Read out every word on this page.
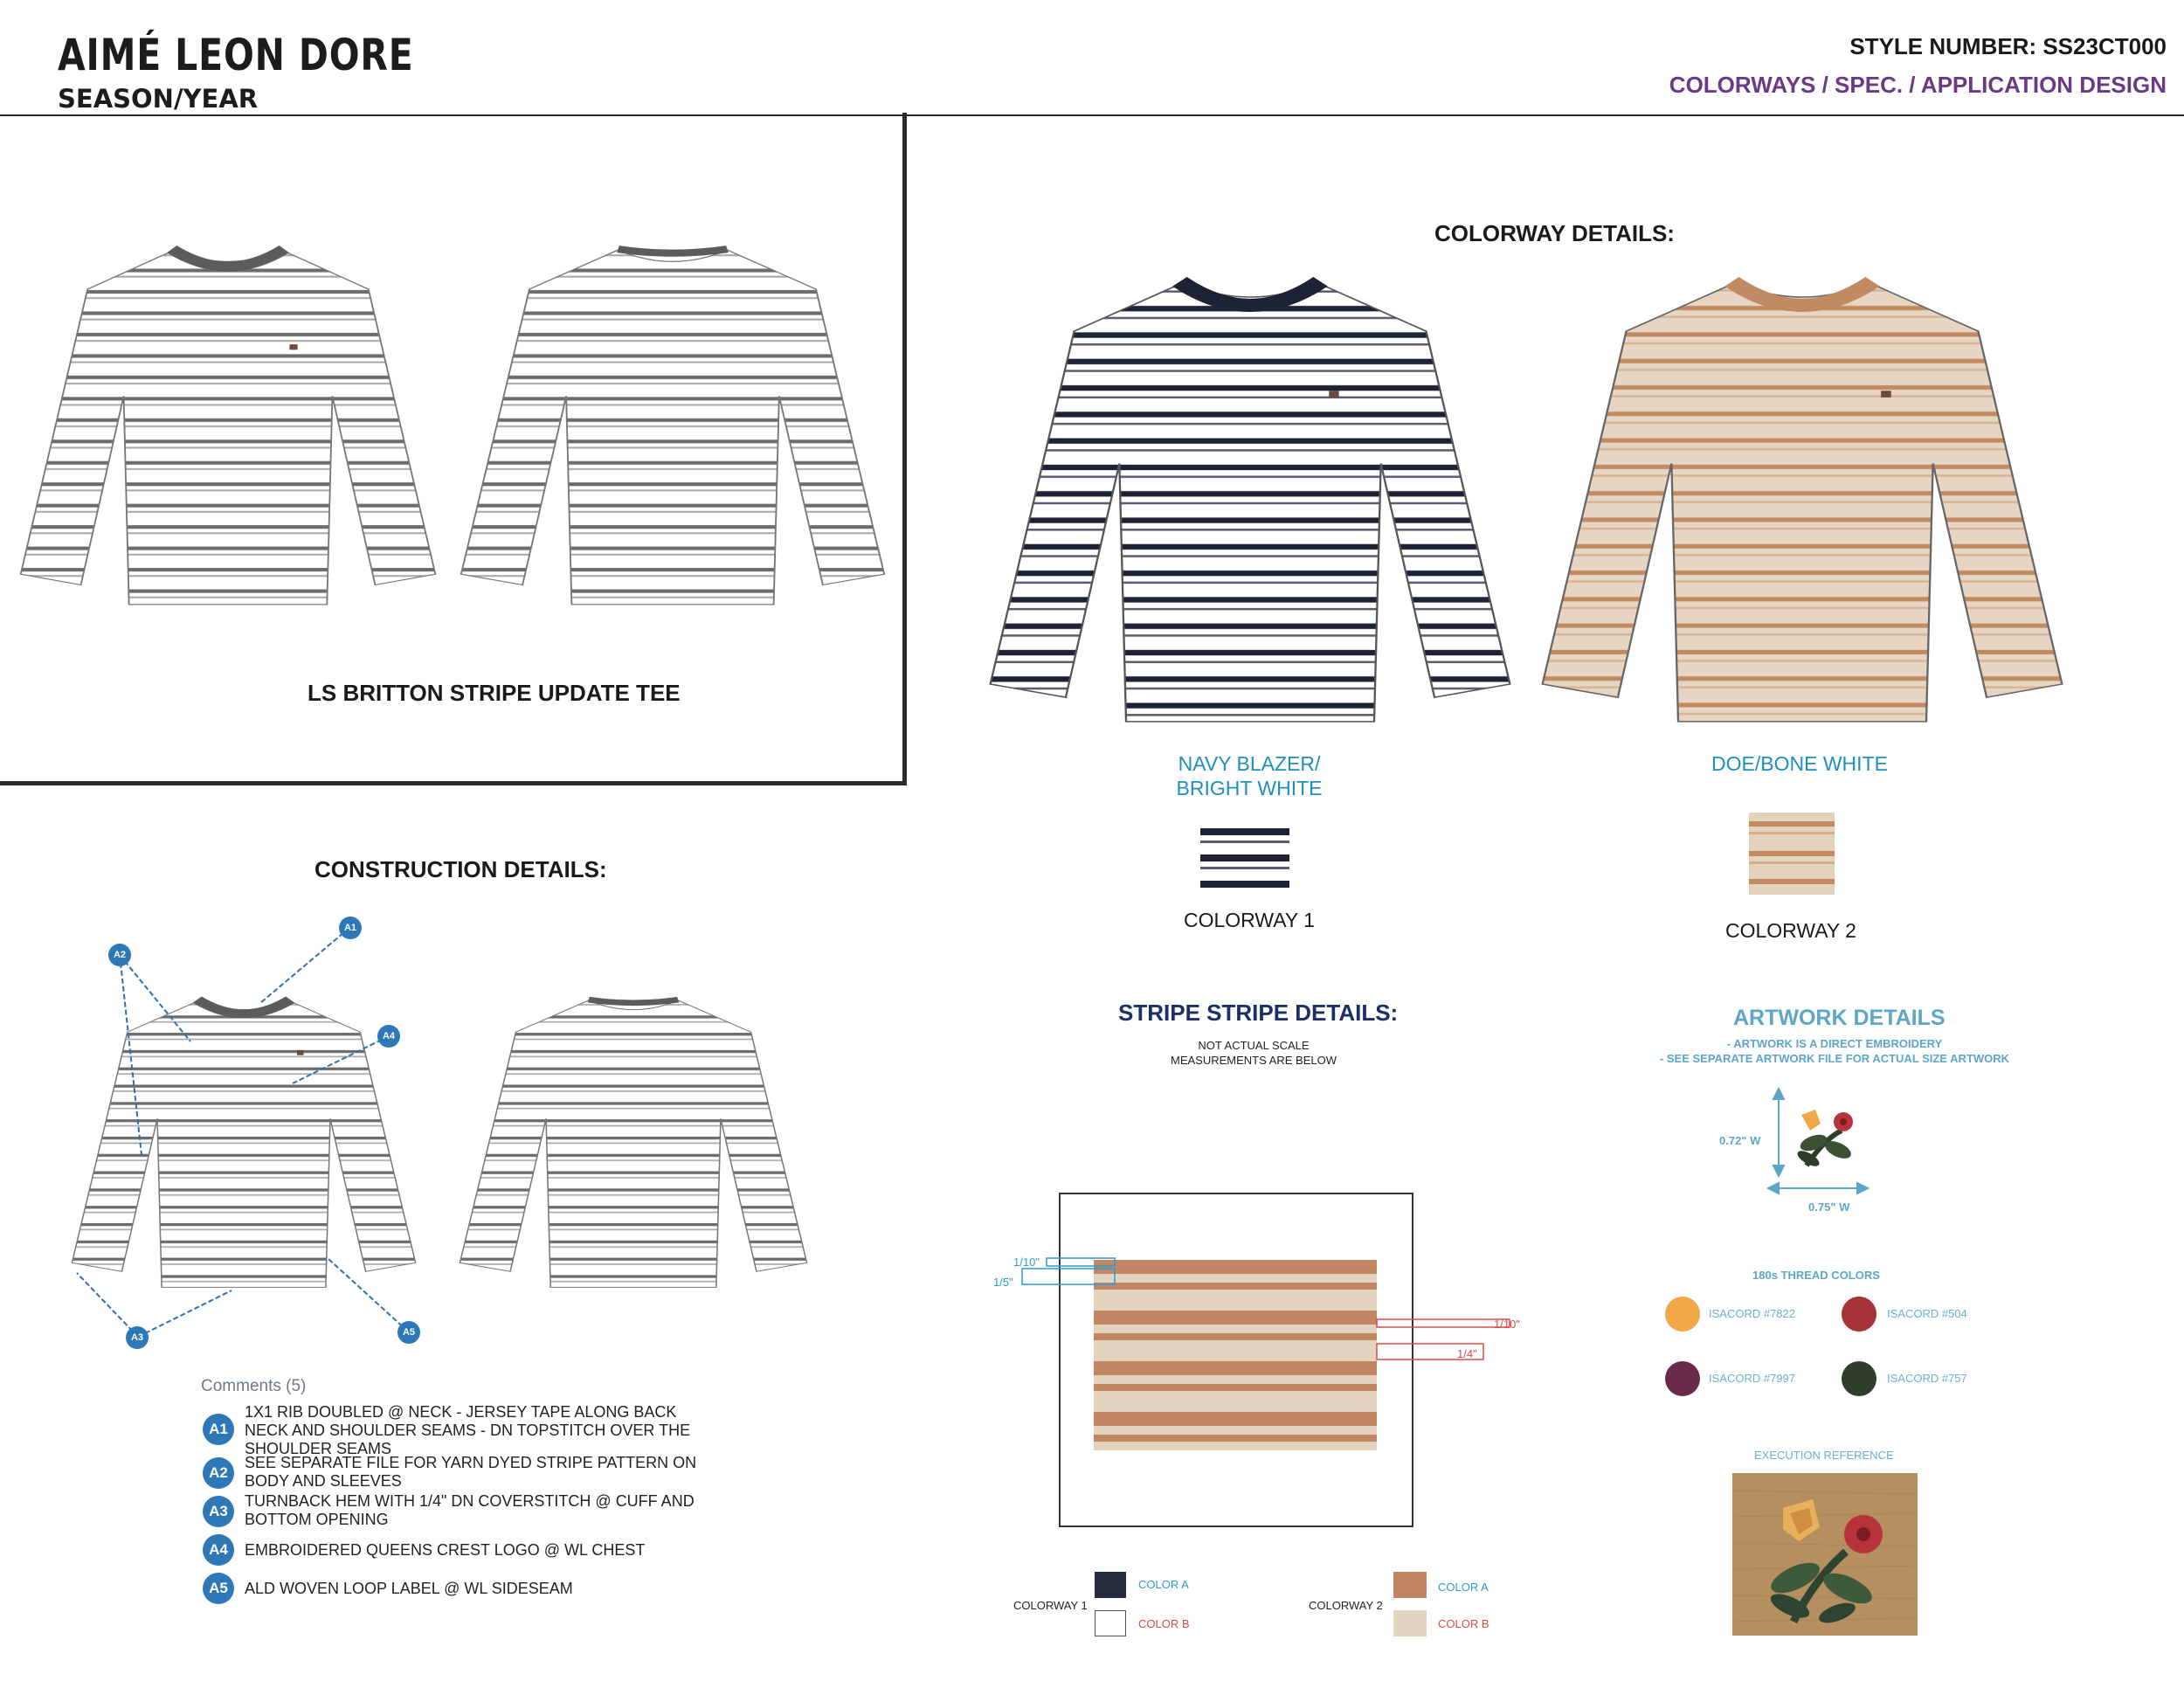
AIMÉ LEON DORE
SEASON/YEAR
STYLE NUMBER: SS23CT000
COLORWAYS / SPEC. / APPLICATION DESIGN
LS BRITTON STRIPE UPDATE TEE
COLORWAY DETAILS:
NAVY BLAZER/
BRIGHT WHITE
DOE/BONE WHITE
COLORWAY 1	COLORWAY 2
CONSTRUCTION DETAILS:
A1
A2
A4
A3	A5
Comments (5)
A1
1X1 RIB DOUBLED @ NECK - JERSEY TAPE ALONG BACK NECK AND SHOULDER SEAMS - DN TOPSTITCH OVER THE SHOULDER SEAMS
A2
SEE SEPARATE FILE FOR YARN DYED STRIPE PATTERN ON BODY AND SLEEVES
A3
TURNBACK HEM WITH 1/4" DN COVERSTITCH @ CUFF AND BOTTOM OPENING
A4	EMBROIDERED QUEENS CREST LOGO @ WL CHEST
A5	ALD WOVEN LOOP LABEL @ WL SIDESEAM
STRIPE STRIPE DETAILS:
NOT ACTUAL SCALE
MEASUREMENTS ARE BELOW
1/10"
1/5"
1/10"
1/4"
COLORWAY 1
COLOR A
COLOR B
COLORWAY 2
COLOR A
COLOR B
ARTWORK DETAILS
- ARTWORK IS A DIRECT EMBROIDERY
- SEE SEPARATE ARTWORK FILE FOR ACTUAL SIZE ARTWORK
0.72" W
0.75" W
180s THREAD COLORS
ISACORD #7822	ISACORD #504
ISACORD #7997	ISACORD #757
EXECUTION REFERENCE
